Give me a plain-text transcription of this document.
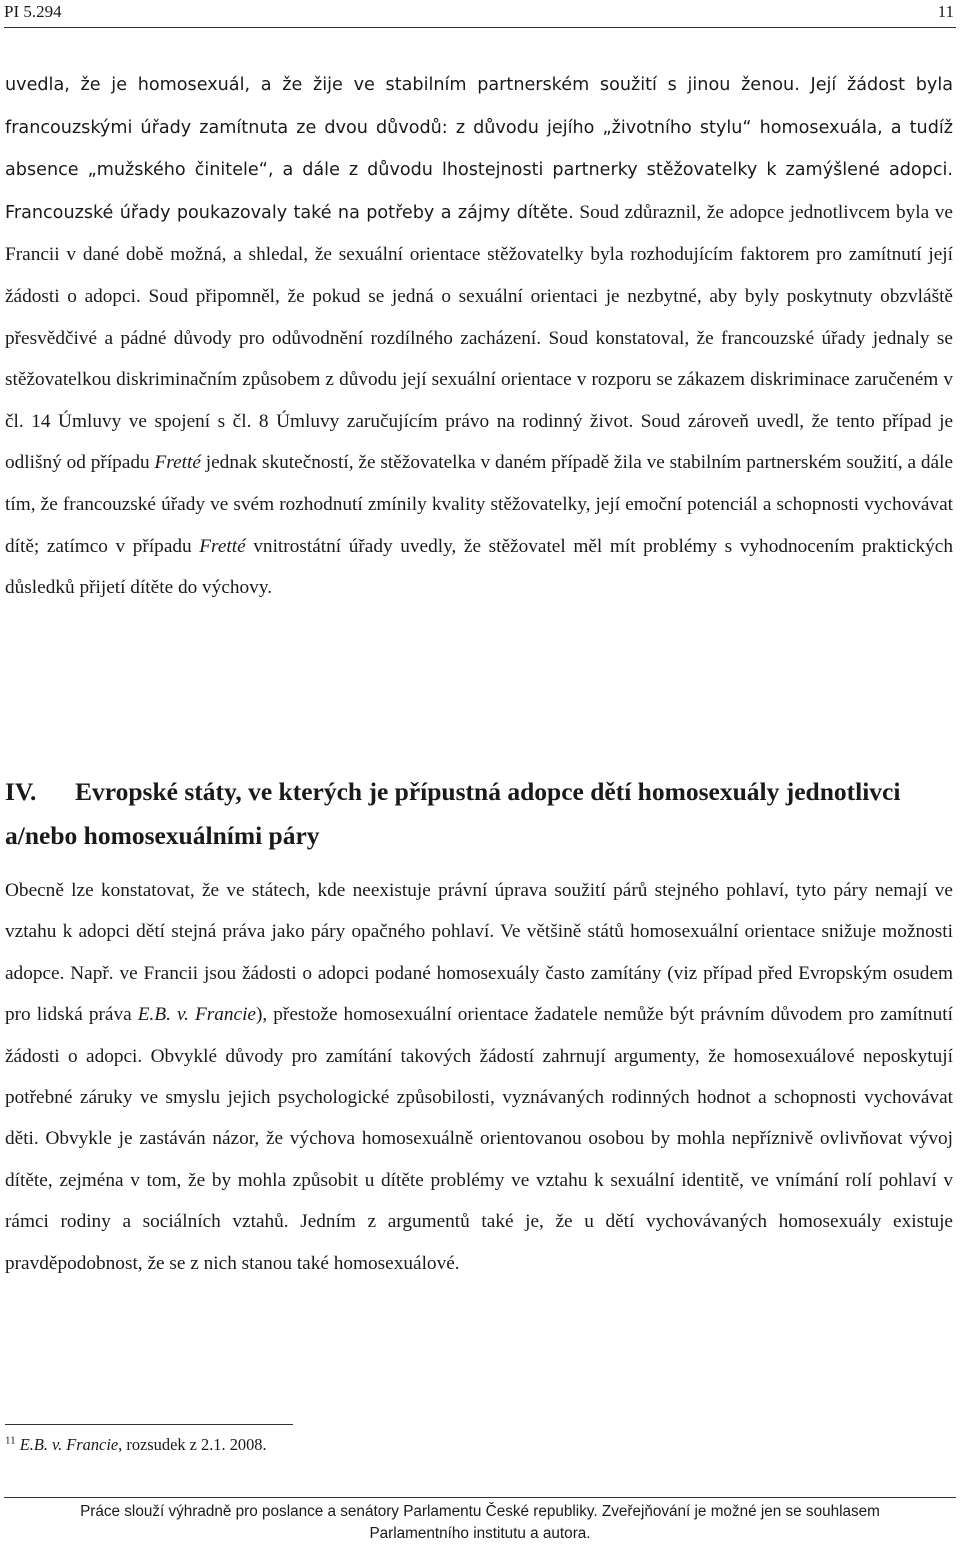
PI 5.294	11

uvedla, že je homosexuál, a že žije ve stabilním partnerském soužití s jinou ženou. Její žádost byla francouzskými úřady zamítnuta ze dvou důvodů: z důvodu jejího „životního stylu“ homosexuála, a tudíž absence „mužského činitele“, a dále z důvodu lhostejnosti partnerky stěžovatelky k zamýšlené adopci. Francouzské úřady poukazovaly také na potřeby a zájmy dítěte. Soud zdůraznil, že adopce jednotlivcem byla ve Francii v dané době možná, a shledal, že sexuální orientace stěžovatelky byla rozhodujícím faktorem pro zamítnutí její žádosti o adopci. Soud připomněl, že pokud se jedná o sexuální orientaci je nezbytné, aby byly poskytnuty obzvláště přesvědčivé a pádné důvody pro odůvodnění rozdílného zacházení. Soud konstatoval, že francouzské úřady jednaly se stěžovatelkou diskriminačním způsobem z důvodu její sexuální orientace v rozporu se zákazem diskriminace zaručeném v čl. 14 Úmluvy ve spojení s čl. 8 Úmluvy zaručujícím právo na rodinný život. Soud zároveň uvedl, že tento případ je odlišný od případu Fretté jednak skutečností, že stěžovatelka v daném případě žila ve stabilním partnerském soužití, a dále tím, že francouzské úřady ve svém rozhodnutí zmínily kvality stěžovatelky, její emoční potenciál a schopnosti vychovávat dítě; zatímco v případu Fretté vnitrostátní úřady uvedly, že stěžovatel měl mít problémy s vyhodnocením praktických důsledků přijetí dítěte do výchovy.

IV. Evropské státy, ve kterých je přípustná adopce dětí homosexuály jednotlivci a/nebo homosexuálními páry

Obecně lze konstatovat, že ve státech, kde neexistuje právní úprava soužití párů stejného pohlaví, tyto páry nemají ve vztahu k adopci dětí stejná práva jako páry opačného pohlaví. Ve většině států homosexuální orientace snižuje možnosti adopce. Např. ve Francii jsou žádosti o adopci podané homosexuály často zamítány (viz případ před Evropským osudem pro lidská práva E.B. v. Francie), přestože homosexuální orientace žadatele nemůže být právním důvodem pro zamítnutí žádosti o adopci. Obvyklé důvody pro zamítání takových žádostí zahrnují argumenty, že homosexuálové neposkytují potřebné záruky ve smyslu jejich psychologické způsobilosti, vyznávaných rodinných hodnot a schopnosti vychovávat děti. Obvykle je zastáván názor, že výchova homosexuálně orientovanou osobou by mohla nepříznivě ovlivňovat vývoj dítěte, zejména v tom, že by mohla způsobit u dítěte problémy ve vztahu k sexuální identitě, ve vnímání rolí pohlaví v rámci rodiny a sociálních vztahů. Jedním z argumentů také je, že u dětí vychovávaných homosexuály existuje pravděpodobnost, že se z nich stanou také homosexuálové.

$^{11}$ E.B. v. Francie, rozsudek z 2.1. 2008.
Práce slouží výhradně pro poslance a senátory Parlamentu České republiky. Zveřejňování je možné jen se souhlasem
Parlamentního institutu a autora.
